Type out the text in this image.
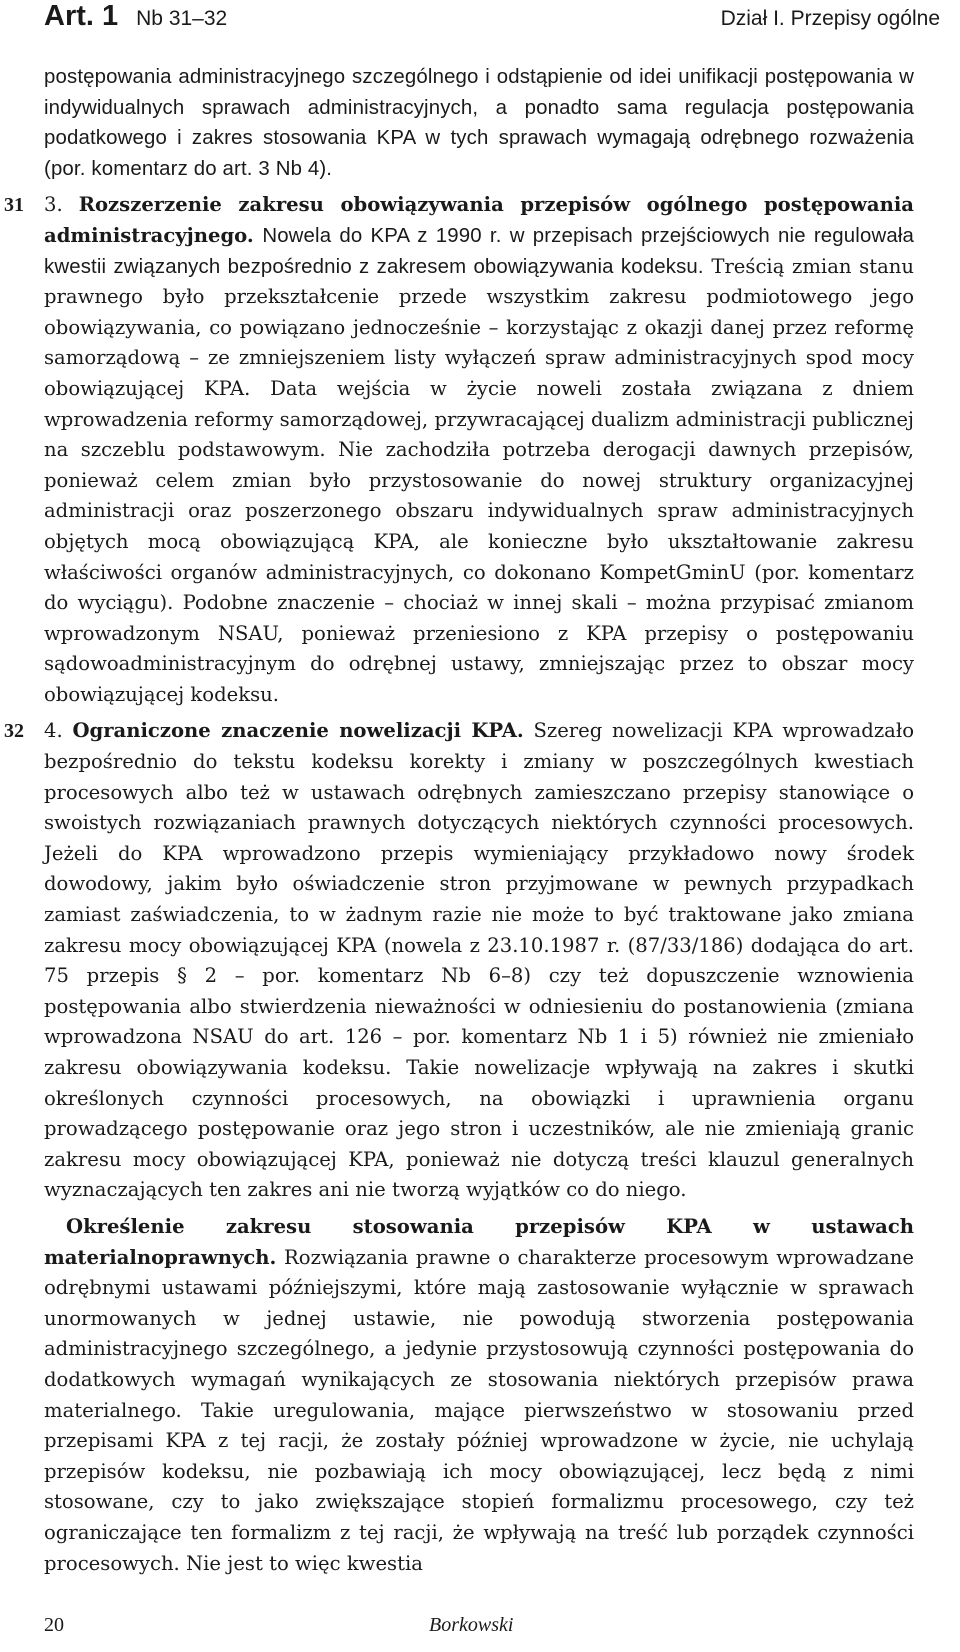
Art. 1 Nb 31–32	Dział I. Przepisy ogólne

postępowania administracyjnego szczególnego i odstąpienie od idei unifikacji postępowania w indywidualnych sprawach administracyjnych, a ponadto sama regulacja postępowania podatkowego i zakres stosowania KPA w tych sprawach wymagają odrębnego rozważenia (por. komentarz do art. 3 Nb 4).

31 3. Rozszerzenie zakresu obowiązywania przepisów ogólnego postępowania administracyjnego. Nowela do KPA z 1990 r. w przepisach przejściowych nie regulowała kwestii związanych bezpośrednio z zakresem obowiązywania kodeksu. Treścią zmian stanu prawnego było przekształcenie przede wszystkim zakresu podmiotowego jego obowiązywania, co powiązano jednocześnie – korzystając z okazji danej przez reformę samorządową – ze zmniejszeniem listy wyłączeń spraw administracyjnych spod mocy obowiązującej KPA. Data wejścia w życie noweli została związana z dniem wprowadzenia reformy samorządowej, przywracającej dualizm administracji publicznej na szczeblu podstawowym. Nie zachodziła potrzeba derogacji dawnych przepisów, ponieważ celem zmian było przystosowanie do nowej struktury organizacyjnej administracji oraz poszerzonego obszaru indywidualnych spraw administracyjnych objętych mocą obowiązującą KPA, ale konieczne było ukształtowanie zakresu właściwości organów administracyjnych, co dokonano KompetGminU (por. komentarz do wyciągu). Podobne znaczenie – chociaż w innej skali – można przypisać zmianom wprowadzonym NSAU, ponieważ przeniesiono z KPA przepisy o postępowaniu sądowoadministracyjnym do odrębnej ustawy, zmniejszając przez to obszar mocy obowiązującej kodeksu.

32 4. Ograniczone znaczenie nowelizacji KPA. Szereg nowelizacji KPA wprowadzało bezpośrednio do tekstu kodeksu korekty i zmiany w poszczególnych kwestiach procesowych albo też w ustawach odrębnych zamieszczano przepisy stanowiące o swoistych rozwiązaniach prawnych dotyczących niektórych czynności procesowych. Jeżeli do KPA wprowadzono przepis wymieniający przykładowo nowy środek dowodowy, jakim było oświadczenie stron przyjmowane w pewnych przypadkach zamiast zaświadczenia, to w żadnym razie nie może to być traktowane jako zmiana zakresu mocy obowiązującej KPA (nowela z 23.10.1987 r. (87/33/186) dodająca do art. 75 przepis § 2 – por. komentarz Nb 6–8) czy też dopuszczenie wznowienia postępowania albo stwierdzenia nieważności w odniesieniu do postanowienia (zmiana wprowadzona NSAU do art. 126 – por. komentarz Nb 1 i 5) również nie zmieniało zakresu obowiązywania kodeksu. Takie nowelizacje wpływają na zakres i skutki określonych czynności procesowych, na obowiązki i uprawnienia organu prowadzącego postępowanie oraz jego stron i uczestników, ale nie zmieniają granic zakresu mocy obowiązującej KPA, ponieważ nie dotyczą treści klauzul generalnych wyznaczających ten zakres ani nie tworzą wyjątków co do niego.

Określenie zakresu stosowania przepisów KPA w ustawach materialnoprawnych. Rozwiązania prawne o charakterze procesowym wprowadzane odrębnymi ustawami późniejszymi, które mają zastosowanie wyłącznie w sprawach unormowanych w jednej ustawie, nie powodują stworzenia postępowania administracyjnego szczególnego, a jedynie przystosowują czynności postępowania do dodatkowych wymagań wynikających ze stosowania niektórych przepisów prawa materialnego. Takie uregulowania, mające pierwszeństwo w stosowaniu przed przepisami KPA z tej racji, że zostały później wprowadzone w życie, nie uchylają przepisów kodeksu, nie pozbawiają ich mocy obowiązującej, lecz będą z nimi stosowane, czy to jako zwiększające stopień formalizmu procesowego, czy też ograniczające ten formalizm z tej racji, że wpływają na treść lub porządek czynności procesowych. Nie jest to więc kwestia

20	Borkowski
